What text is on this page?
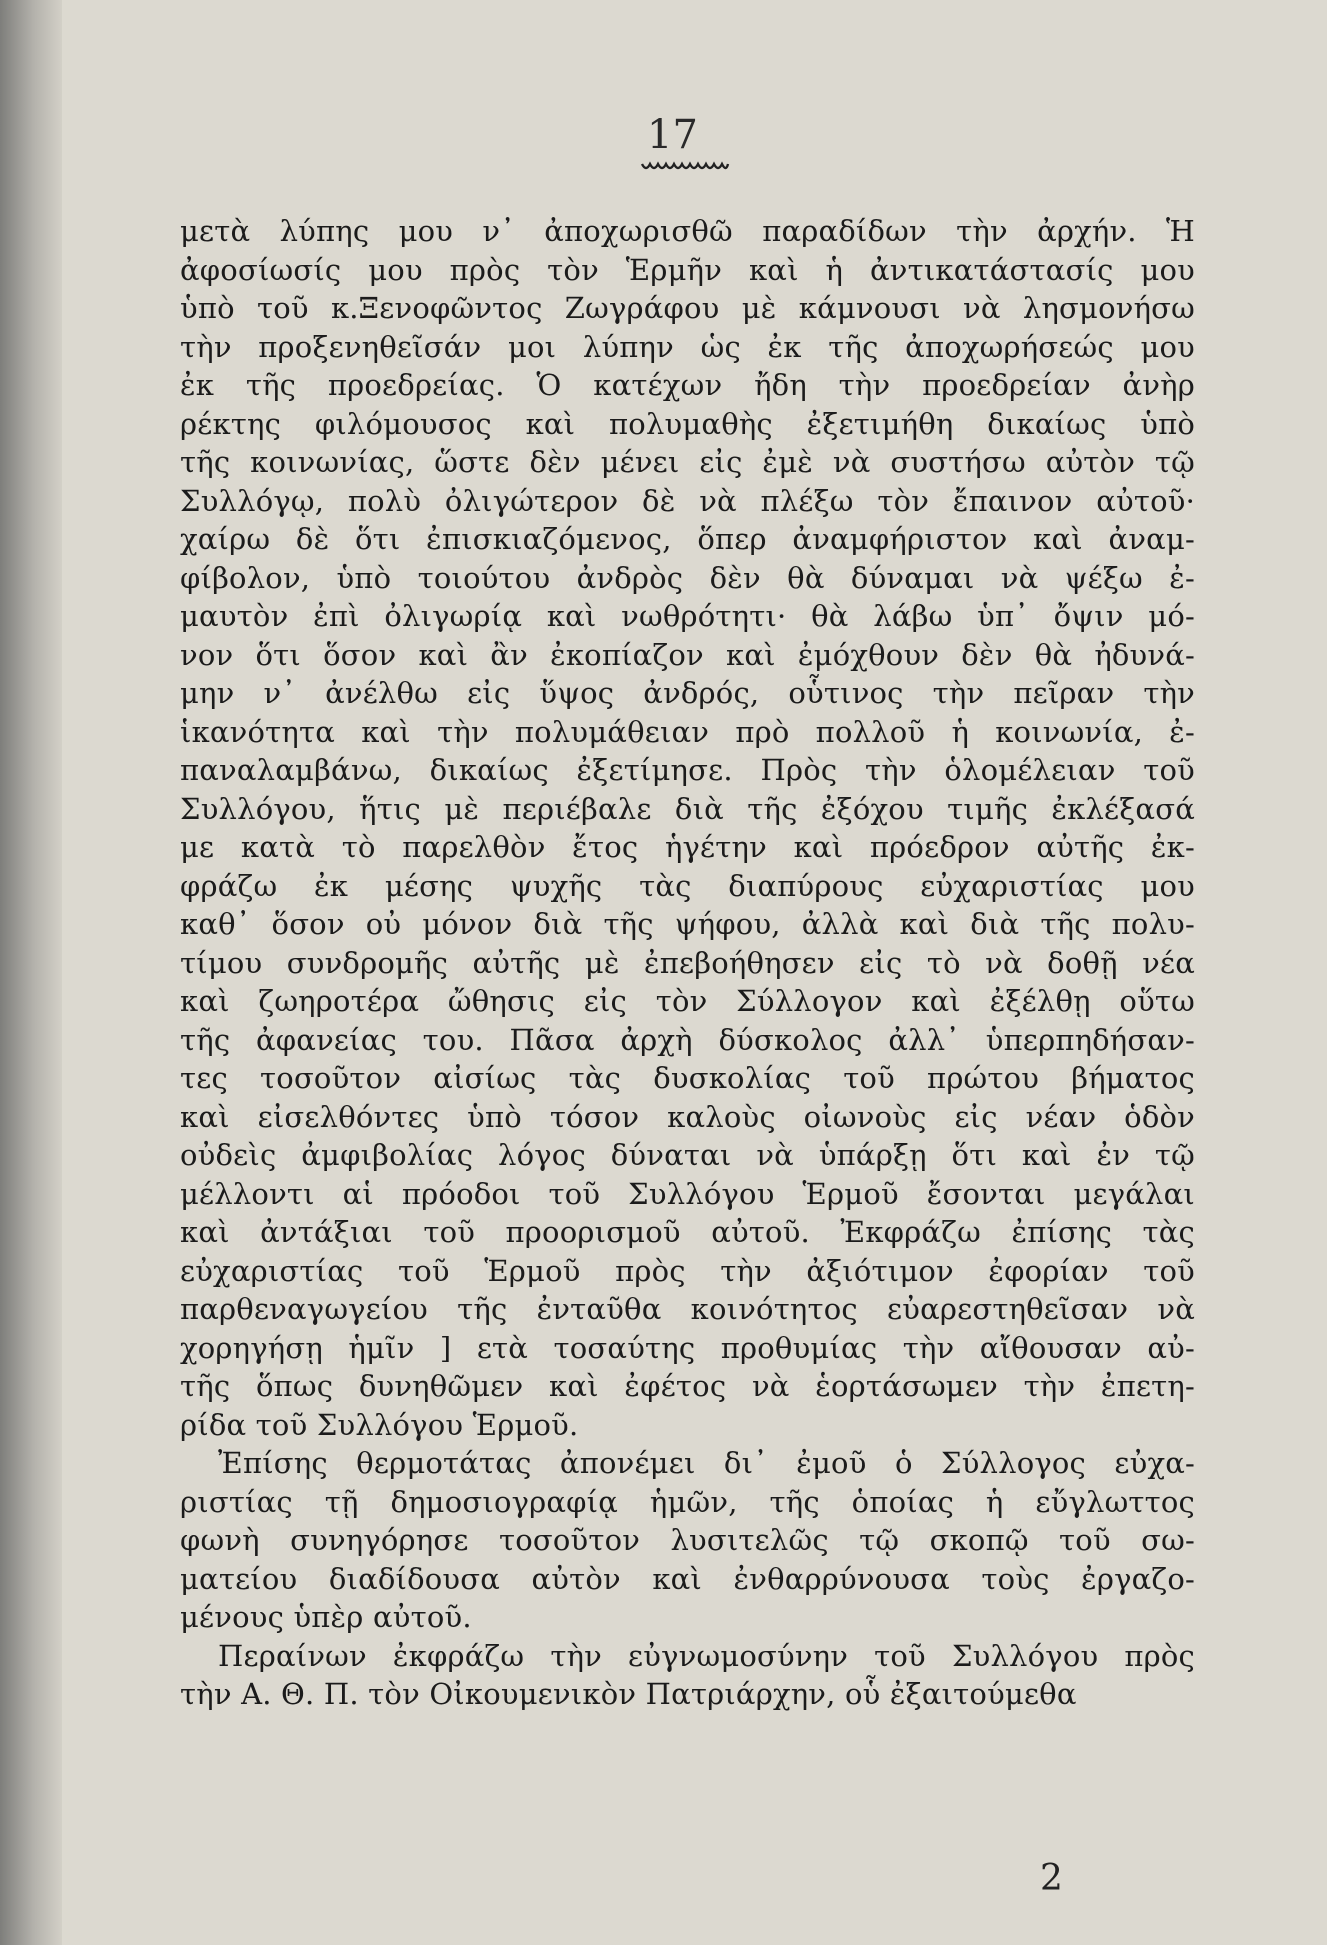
17
μετὰ λύπης μου ν᾽ ἀποχωρισθῶ παραδίδων τὴν ἀρχήν. Ἡ
ἀφοσίωσίς μου πρὸς τὸν Ἑρμῆν καὶ ἡ ἀντικατάστασίς μου
ὑπὸ τοῦ κ.Ξενοφῶντος Ζωγράφου μὲ κάμνουσι νὰ λησμονήσω
τὴν προξενηθεῖσάν μοι λύπην ὡς ἐκ τῆς ἀποχωρήσεώς μου
ἐκ τῆς προεδρείας. Ὁ κατέχων ἤδη τὴν προεδρείαν ἀνὴρ
ρέκτης φιλόμουσος καὶ πολυμαθὴς ἐξετιμήθη δικαίως ὑπὸ
τῆς κοινωνίας, ὥστε δὲν μένει εἰς ἐμὲ νὰ συστήσω αὐτὸν τῷ
Συλλόγῳ, πολὺ ὀλιγώτερον δὲ νὰ πλέξω τὸν ἔπαινον αὐτοῦ·
χαίρω δὲ ὅτι ἐπισκιαζόμενος, ὅπερ ἀναμφήριστον καὶ ἀναμ-
φίβολον, ὑπὸ τοιούτου ἀνδρὸς δὲν θὰ δύναμαι νὰ ψέξω ἐ-
μαυτὸν ἐπὶ ὀλιγωρίᾳ καὶ νωθρότητι· θὰ λάβω ὑπ᾽ ὄψιν μό-
νον ὅτι ὅσον καὶ ἂν ἐκοπίαζον καὶ ἐμόχθουν δὲν θὰ ἠδυνά-
μην ν᾽ ἀνέλθω εἰς ὕψος ἀνδρός, οὗτινος τὴν πεῖραν τὴν
ἱκανότητα καὶ τὴν πολυμάθειαν πρὸ πολλοῦ ἡ κοινωνία, ἐ-
παναλαμβάνω, δικαίως ἐξετίμησε. Πρὸς τὴν ὁλομέλειαν τοῦ
Συλλόγου, ἥτις μὲ περιέβαλε διὰ τῆς ἐξόχου τιμῆς ἐκλέξασά
με κατὰ τὸ παρελθὸν ἔτος ἡγέτην καὶ πρόεδρον αὐτῆς ἐκ-
φράζω ἐκ μέσης ψυχῆς τὰς διαπύρους εὐχαριστίας μου
καθ᾽ ὅσον οὐ μόνον διὰ τῆς ψήφου, ἀλλὰ καὶ διὰ τῆς πολυ-
τίμου συνδρομῆς αὐτῆς μὲ ἐπεβοήθησεν εἰς τὸ νὰ δοθῇ νέα
καὶ ζωηροτέρα ὤθησις εἰς τὸν Σύλλογον καὶ ἐξέλθῃ οὕτω
τῆς ἀφανείας του. Πᾶσα ἀρχὴ δύσκολος ἀλλ᾽ ὑπερπηδήσαν-
τες τοσοῦτον αἰσίως τὰς δυσκολίας τοῦ πρώτου βήματος
καὶ εἰσελθόντες ὑπὸ τόσον καλοὺς οἰωνοὺς εἰς νέαν ὁδὸν
οὐδεὶς ἀμφιβολίας λόγος δύναται νὰ ὑπάρξῃ ὅτι καὶ ἐν τῷ
μέλλοντι αἱ πρόοδοι τοῦ Συλλόγου Ἑρμοῦ ἔσονται μεγάλαι
καὶ ἀντάξιαι τοῦ προορισμοῦ αὐτοῦ. Ἐκφράζω ἐπίσης τὰς
εὐχαριστίας τοῦ Ἑρμοῦ πρὸς τὴν ἀξιότιμον ἐφορίαν τοῦ
παρθεναγωγείου τῆς ἐνταῦθα κοινότητος εὐαρεστηθεῖσαν νὰ
χορηγήσῃ ἡμῖν ] ετὰ τοσαύτης προθυμίας τὴν αἴθουσαν αὐ-
τῆς ὅπως δυνηθῶμεν καὶ ἐφέτος νὰ ἑορτάσωμεν τὴν ἐπετη-
ρίδα τοῦ Συλλόγου Ἑρμοῦ.
Ἐπίσης θερμοτάτας ἀπονέμει δι᾽ ἐμοῦ ὁ Σύλλογος εὐχα-
ριστίας τῇ δημοσιογραφίᾳ ἡμῶν, τῆς ὁποίας ἡ εὔγλωττος
φωνὴ συνηγόρησε τοσοῦτον λυσιτελῶς τῷ σκοπῷ τοῦ σω-
ματείου διαδίδουσα αὐτὸν καὶ ἐνθαρρύνουσα τοὺς ἐργαζο-
μένους ὑπὲρ αὐτοῦ.
Περαίνων ἐκφράζω τὴν εὐγνωμοσύνην τοῦ Συλλόγου πρὸς
τὴν Α. Θ. Π. τὸν Οἰκουμενικὸν Πατριάρχην, οὗ ἐξαιτούμεθα
2
